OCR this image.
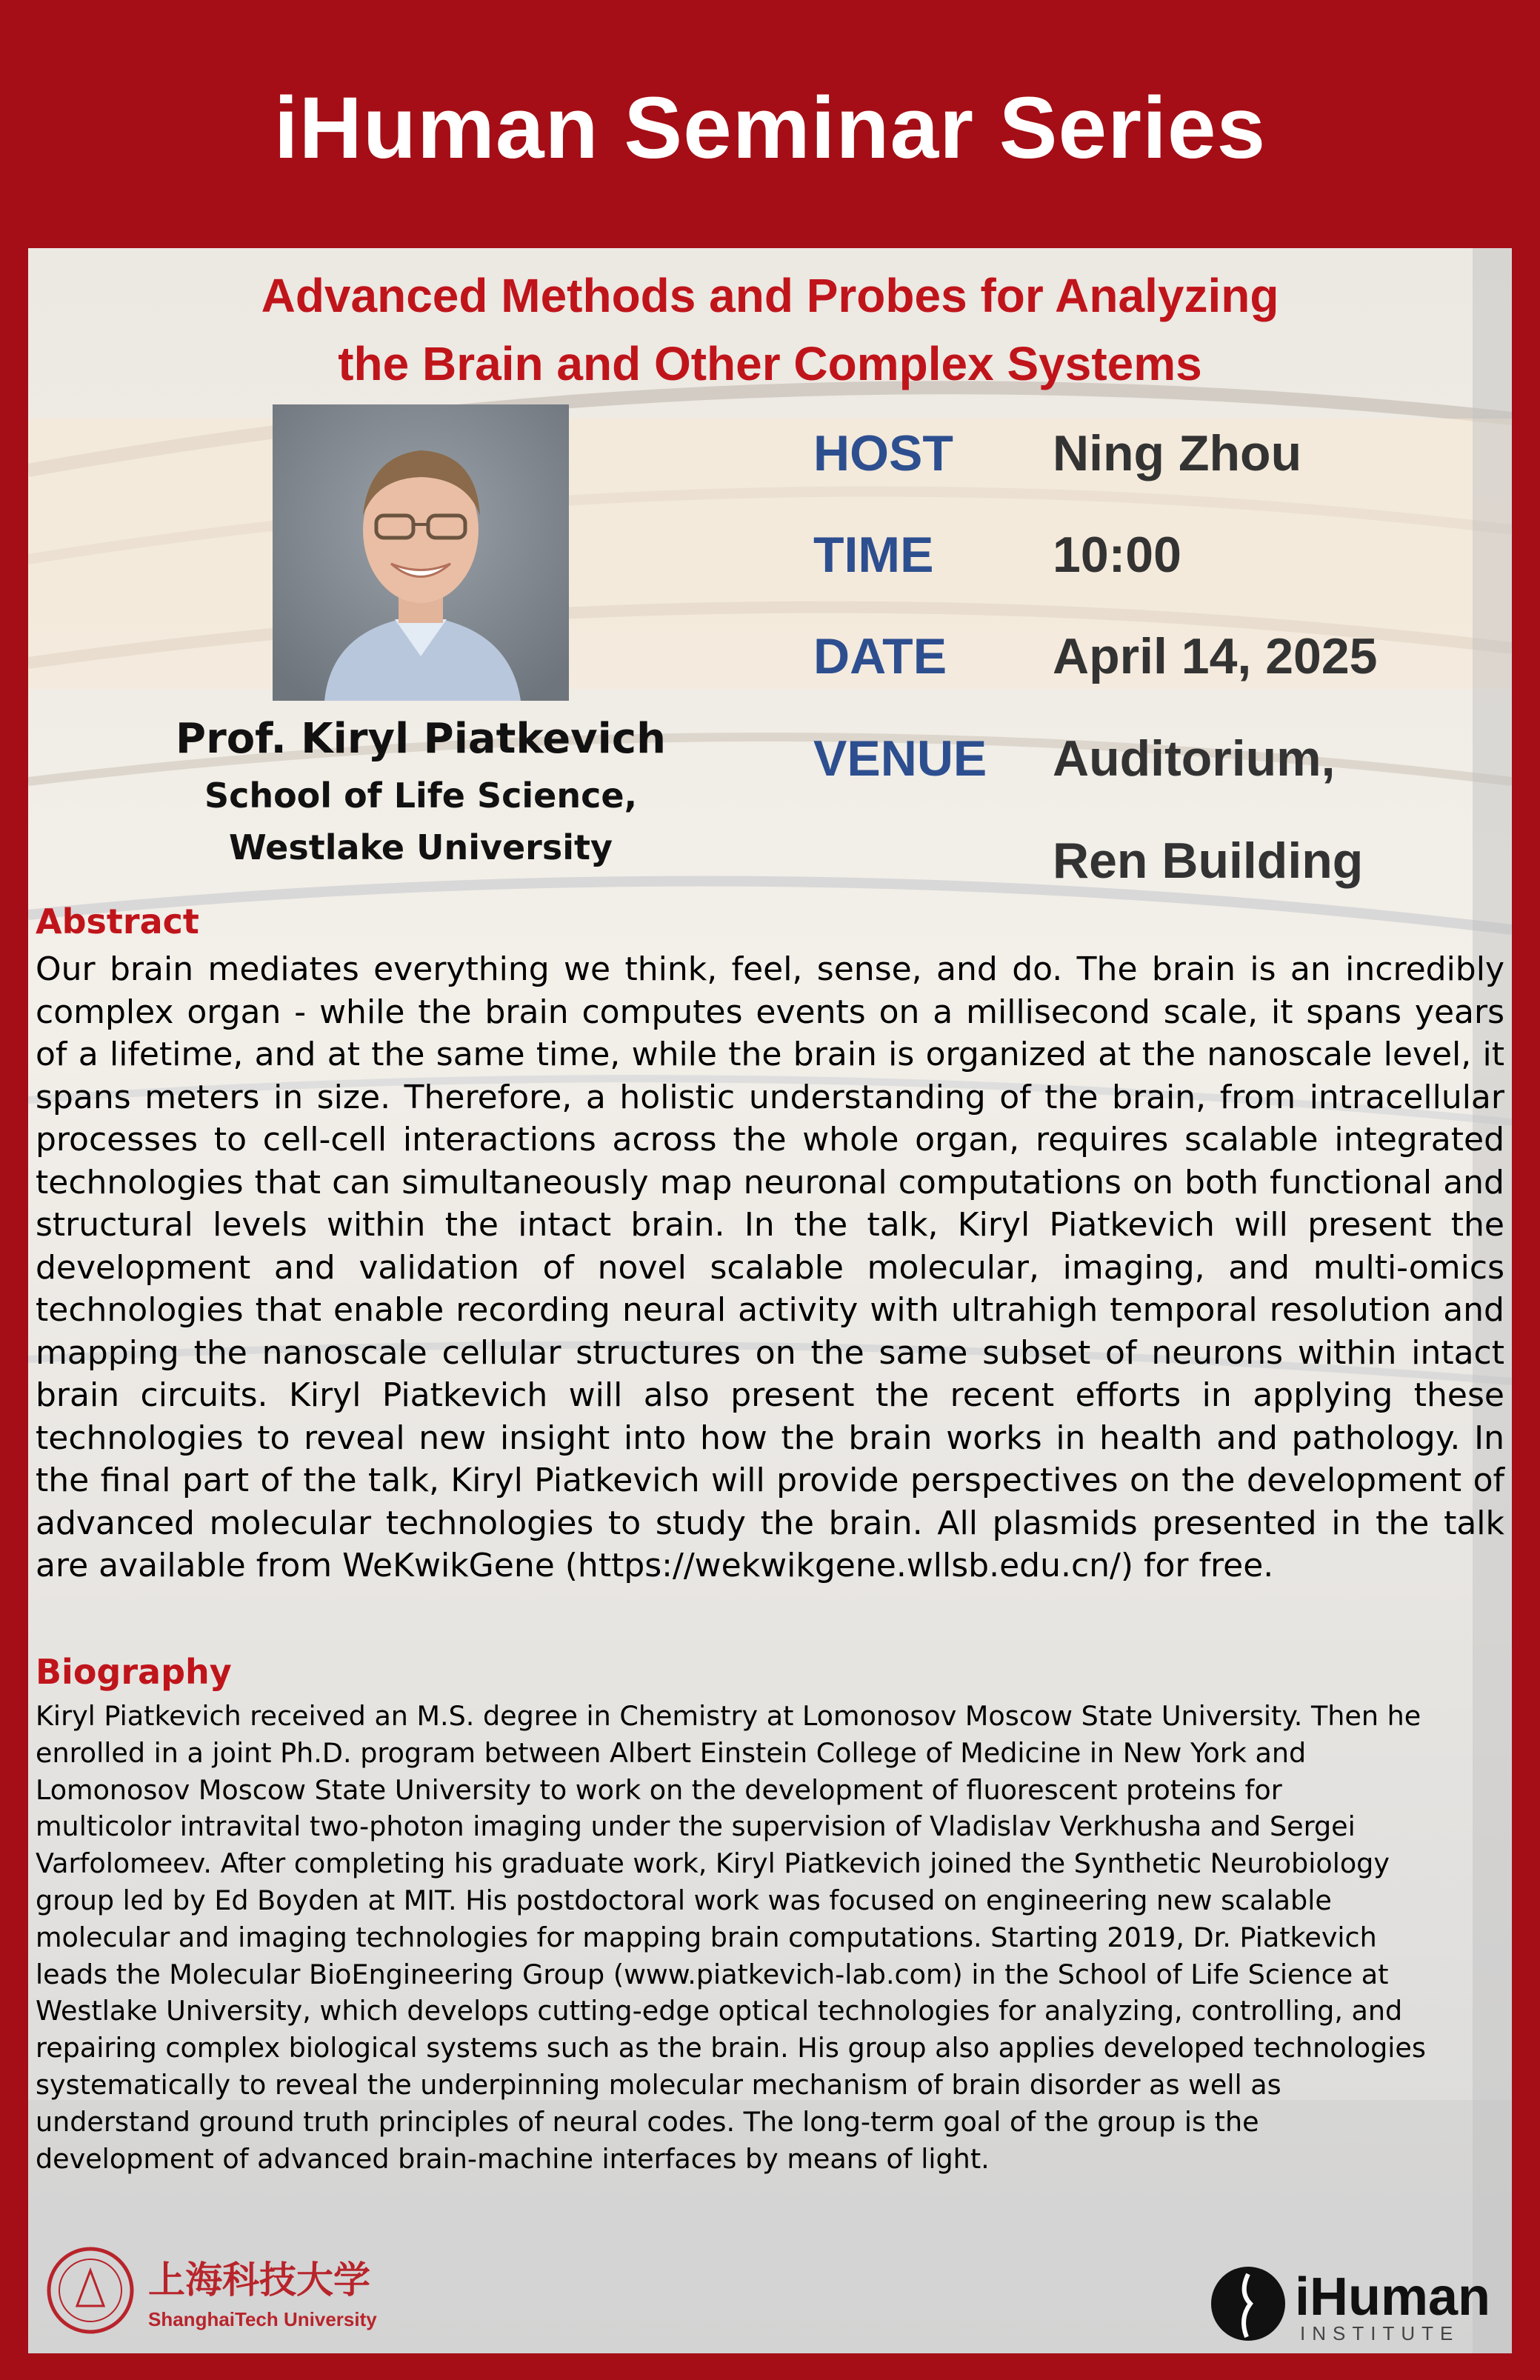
iHuman Seminar Series
Advanced Methods and Probes for Analyzing
the Brain and Other Complex Systems
Prof. Kiryl Piatkevich
School of Life Science,
Westlake University
HOST Ning Zhou
TIME 10:00
DATE April 14, 2025
VENUE Auditorium,
Ren Building
Abstract
Our brain mediates everything we think, feel, sense, and do. The brain is an incredibly complex organ - while the brain computes events on a millisecond scale, it spans years of a lifetime, and at the same time, while the brain is organized at the nanoscale level, it spans meters in size. Therefore, a holistic understanding of the brain, from intracellular processes to cell-cell interactions across the whole organ, requires scalable integrated technologies that can simultaneously map neuronal computations on both functional and structural levels within the intact brain. In the talk, Kiryl Piatkevich will present the development and validation of novel scalable molecular, imaging, and multi-omics technologies that enable recording neural activity with ultrahigh temporal resolution and mapping the nanoscale cellular structures on the same subset of neurons within intact brain circuits. Kiryl Piatkevich will also present the recent efforts in applying these technologies to reveal new insight into how the brain works in health and pathology. In the final part of the talk, Kiryl Piatkevich will provide perspectives on the development of advanced molecular technologies to study the brain. All plasmids presented in the talk are available from WeKwikGene (https://wekwikgene.wllsb.edu.cn/) for free.
Biography
Kiryl Piatkevich received an M.S. degree in Chemistry at Lomonosov Moscow State University. Then he
enrolled in a joint Ph.D. program between Albert Einstein College of Medicine in New York and
Lomonosov Moscow State University to work on the development of fluorescent proteins for
multicolor intravital two-photon imaging under the supervision of Vladislav Verkhusha and Sergei
Varfolomeev. After completing his graduate work, Kiryl Piatkevich joined the Synthetic Neurobiology
group led by Ed Boyden at MIT. His postdoctoral work was focused on engineering new scalable
molecular and imaging technologies for mapping brain computations. Starting 2019, Dr. Piatkevich
leads the Molecular BioEngineering Group (www.piatkevich-lab.com) in the School of Life Science at
Westlake University, which develops cutting-edge optical technologies for analyzing, controlling, and
repairing complex biological systems such as the brain. His group also applies developed technologies
systematically to reveal the underpinning molecular mechanism of brain disorder as well as
understand ground truth principles of neural codes. The long-term goal of the group is the
development of advanced brain-machine interfaces by means of light.
上海科技大学
ShanghaiTech University	iHuman
INSTITUTE
